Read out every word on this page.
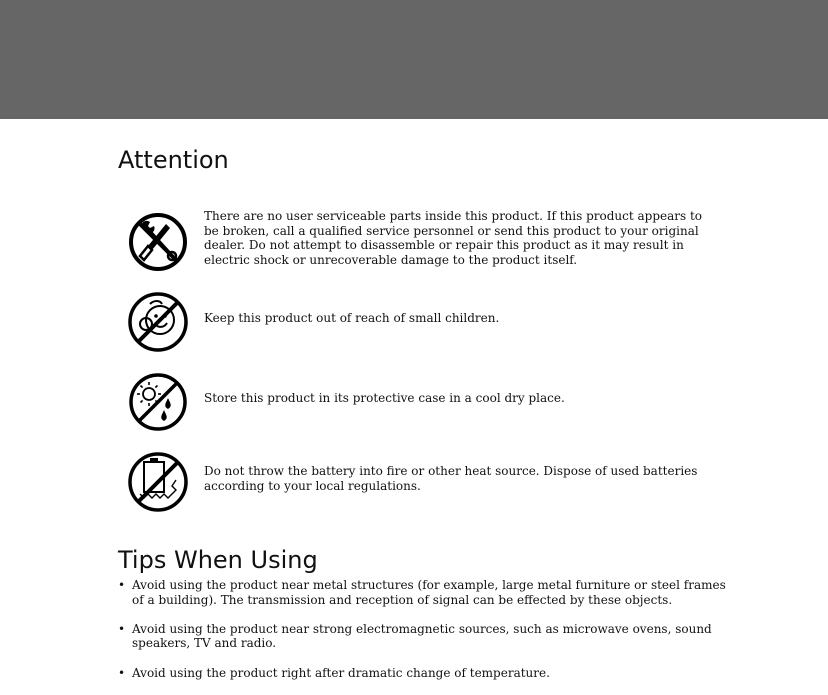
Attention
There are no user serviceable parts inside this product. If this product appears to be broken, call a qualified service personnel or send this product to your original dealer. Do not attempt to disassemble or repair this product as it may result in electric shock or unrecoverable damage to the product itself.
Keep this product out of reach of small children.
Store this product in its protective case in a cool dry place.
Do not throw the battery into fire or other heat source. Dispose of used batteries according to your local regulations.
Tips When Using
• Avoid using the product near metal structures (for example, large metal furniture or steel frames of a building). The transmission and reception of signal can be effected by these objects.
• Avoid using the product near strong electromagnetic sources, such as microwave ovens, sound speakers, TV and radio.
• Avoid using the product right after dramatic change of temperature.
